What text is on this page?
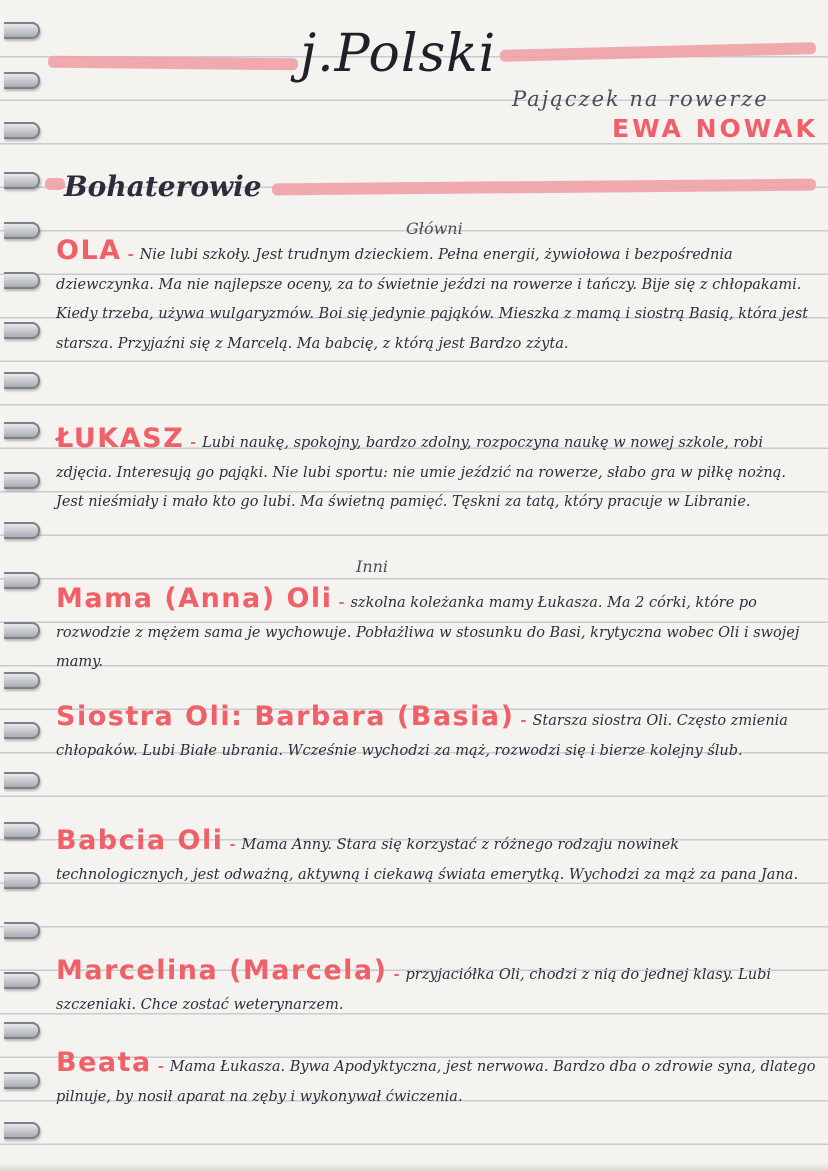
j.Polski
Pajączek na rowerze
EWA NOWAK
Bohaterowie
Główni
OLA - Nie lubi szkoły. Jest trudnym dzieckiem. Pełna energii, żywiołowa i bezpośrednia dziewczynka. Ma nie najlepsze oceny, za to świetnie jeździ na rowerze i tańczy. Bije się z chłopakami. Kiedy trzeba, używa wulgaryzmów. Boi się jedynie pająków. Mieszka z mamą i siostrą Basią, która jest starsza. Przyjaźni się z Marcelą. Ma babcię, z którą jest Bardzo zżyta.
ŁUKASZ - Lubi naukę, spokojny, bardzo zdolny, rozpoczyna naukę w nowej szkole, robi zdjęcia. Interesują go pająki. Nie lubi sportu: nie umie jeździć na rowerze, słabo gra w piłkę nożną. Jest nieśmiały i mało kto go lubi. Ma świetną pamięć. Tęskni za tatą, który pracuje w Libranie.
Inni
Mama (Anna) Oli - szkolna koleżanka mamy Łukasza. Ma 2 córki, które po rozwodzie z mężem sama je wychowuje. Pobłażliwa w stosunku do Basi, krytyczna wobec Oli i swojej mamy.
Siostra Oli: Barbara (Basia) - Starsza siostra Oli. Często zmienia chłopaków. Lubi Białe ubrania. Wcześnie wychodzi za mąż, rozwodzi się i bierze kolejny ślub.
Babcia Oli - Mama Anny. Stara się korzystać z różnego rodzaju nowinek technologicznych, jest odważną, aktywną i ciekawą świata emerytką. Wychodzi za mąż za pana Jana.
Marcelina (Marcela) - przyjaciółka Oli, chodzi z nią do jednej klasy. Lubi szczeniaki. Chce zostać weterynarzem.
Beata - Mama Łukasza. Bywa Apodyktyczna, jest nerwowa. Bardzo dba o zdrowie syna, dlatego pilnuje, by nosił aparat na zęby i wykonywał ćwiczenia.
